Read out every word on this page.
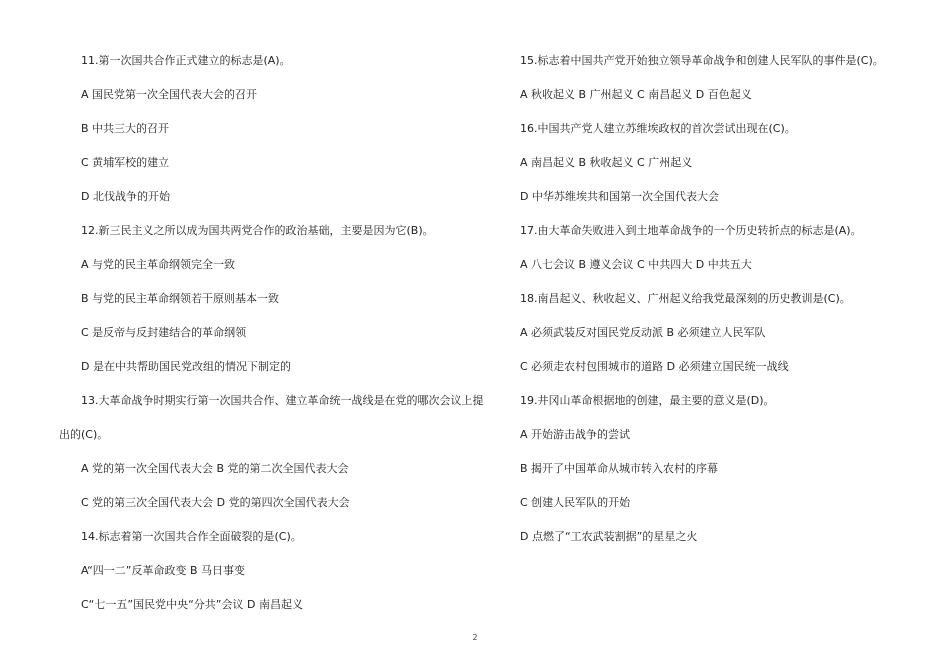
11.第一次国共合作正式建立的标志是(A)。
A 国民党第一次全国代表大会的召开
B 中共三大的召开
C 黄埔军校的建立
D 北伐战争的开始
12.新三民主义之所以成为国共两党合作的政治基础，主要是因为它(B)。
A 与党的民主革命纲领完全一致
B 与党的民主革命纲领若干原则基本一致
C 是反帝与反封建结合的革命纲领
D 是在中共帮助国民党改组的情况下制定的
13.大革命战争时期实行第一次国共合作、建立革命统一战线是在党的哪次会议上提
出的(C)。
A 党的第一次全国代表大会 B 党的第二次全国代表大会
C 党的第三次全国代表大会 D 党的第四次全国代表大会
14.标志着第一次国共合作全面破裂的是(C)。
A“四一二”反革命政变 B 马日事变
C“七一五”国民党中央“分共”会议 D 南昌起义
15.标志着中国共产党开始独立领导革命战争和创建人民军队的事件是(C)。
A 秋收起义 B 广州起义 C 南昌起义 D 百色起义
16.中国共产党人建立苏维埃政权的首次尝试出现在(C)。
A 南昌起义 B 秋收起义 C 广州起义
D 中华苏维埃共和国第一次全国代表大会
17.由大革命失败进入到土地革命战争的一个历史转折点的标志是(A)。
A 八七会议 B 遵义会议 C 中共四大 D 中共五大
18.南昌起义、秋收起义、广州起义给我党最深刻的历史教训是(C)。
A 必须武装反对国民党反动派 B 必须建立人民军队
C 必须走农村包围城市的道路 D 必须建立国民统一战线
19.井冈山革命根据地的创建，最主要的意义是(D)。
A 开始游击战争的尝试
B 揭开了中国革命从城市转入农村的序幕
C 创建人民军队的开始
D 点燃了“工农武装割据”的星星之火
2
